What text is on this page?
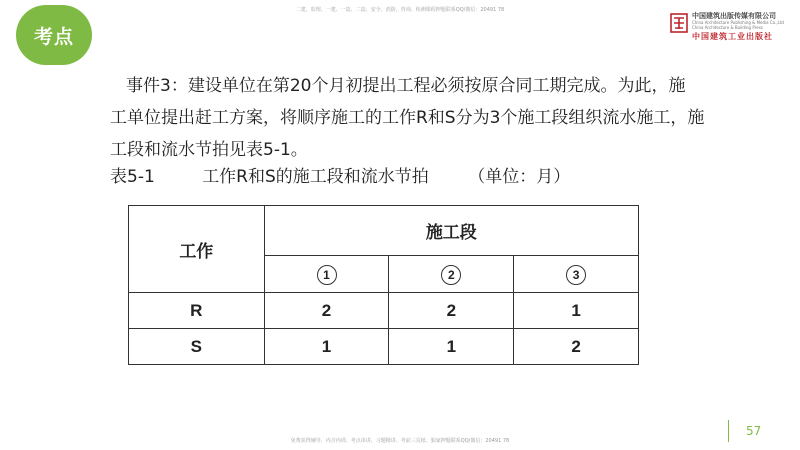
考点
二建、监理、一建、一造、二造、安全、消防、咨询、检测课程押题联系QQ/微信：20491 78
中国建筑出版传媒有限公司
China Architecture Publishing & Media Co.,Ltd
China Architecture & Building Press
中国建筑工业出版社
事件3：建设单位在第20个月初提出工程必须按原合同工期完成。为此，施
工单位提出赶工方案，将顺序施工的工作R和S分为3个施工段组织流水施工，施
工段和流水节拍见表5-1。
表5-1	工作R和S的施工段和流水节拍 （单位：月）
工作	施工段		
	1	2	3
R	2	2	1
S	1	1	2
57
免费获得辅导、内含内训、考点串讲、习题精讲、考前三页纸、独家押题联系QQ/微信：20491 78
